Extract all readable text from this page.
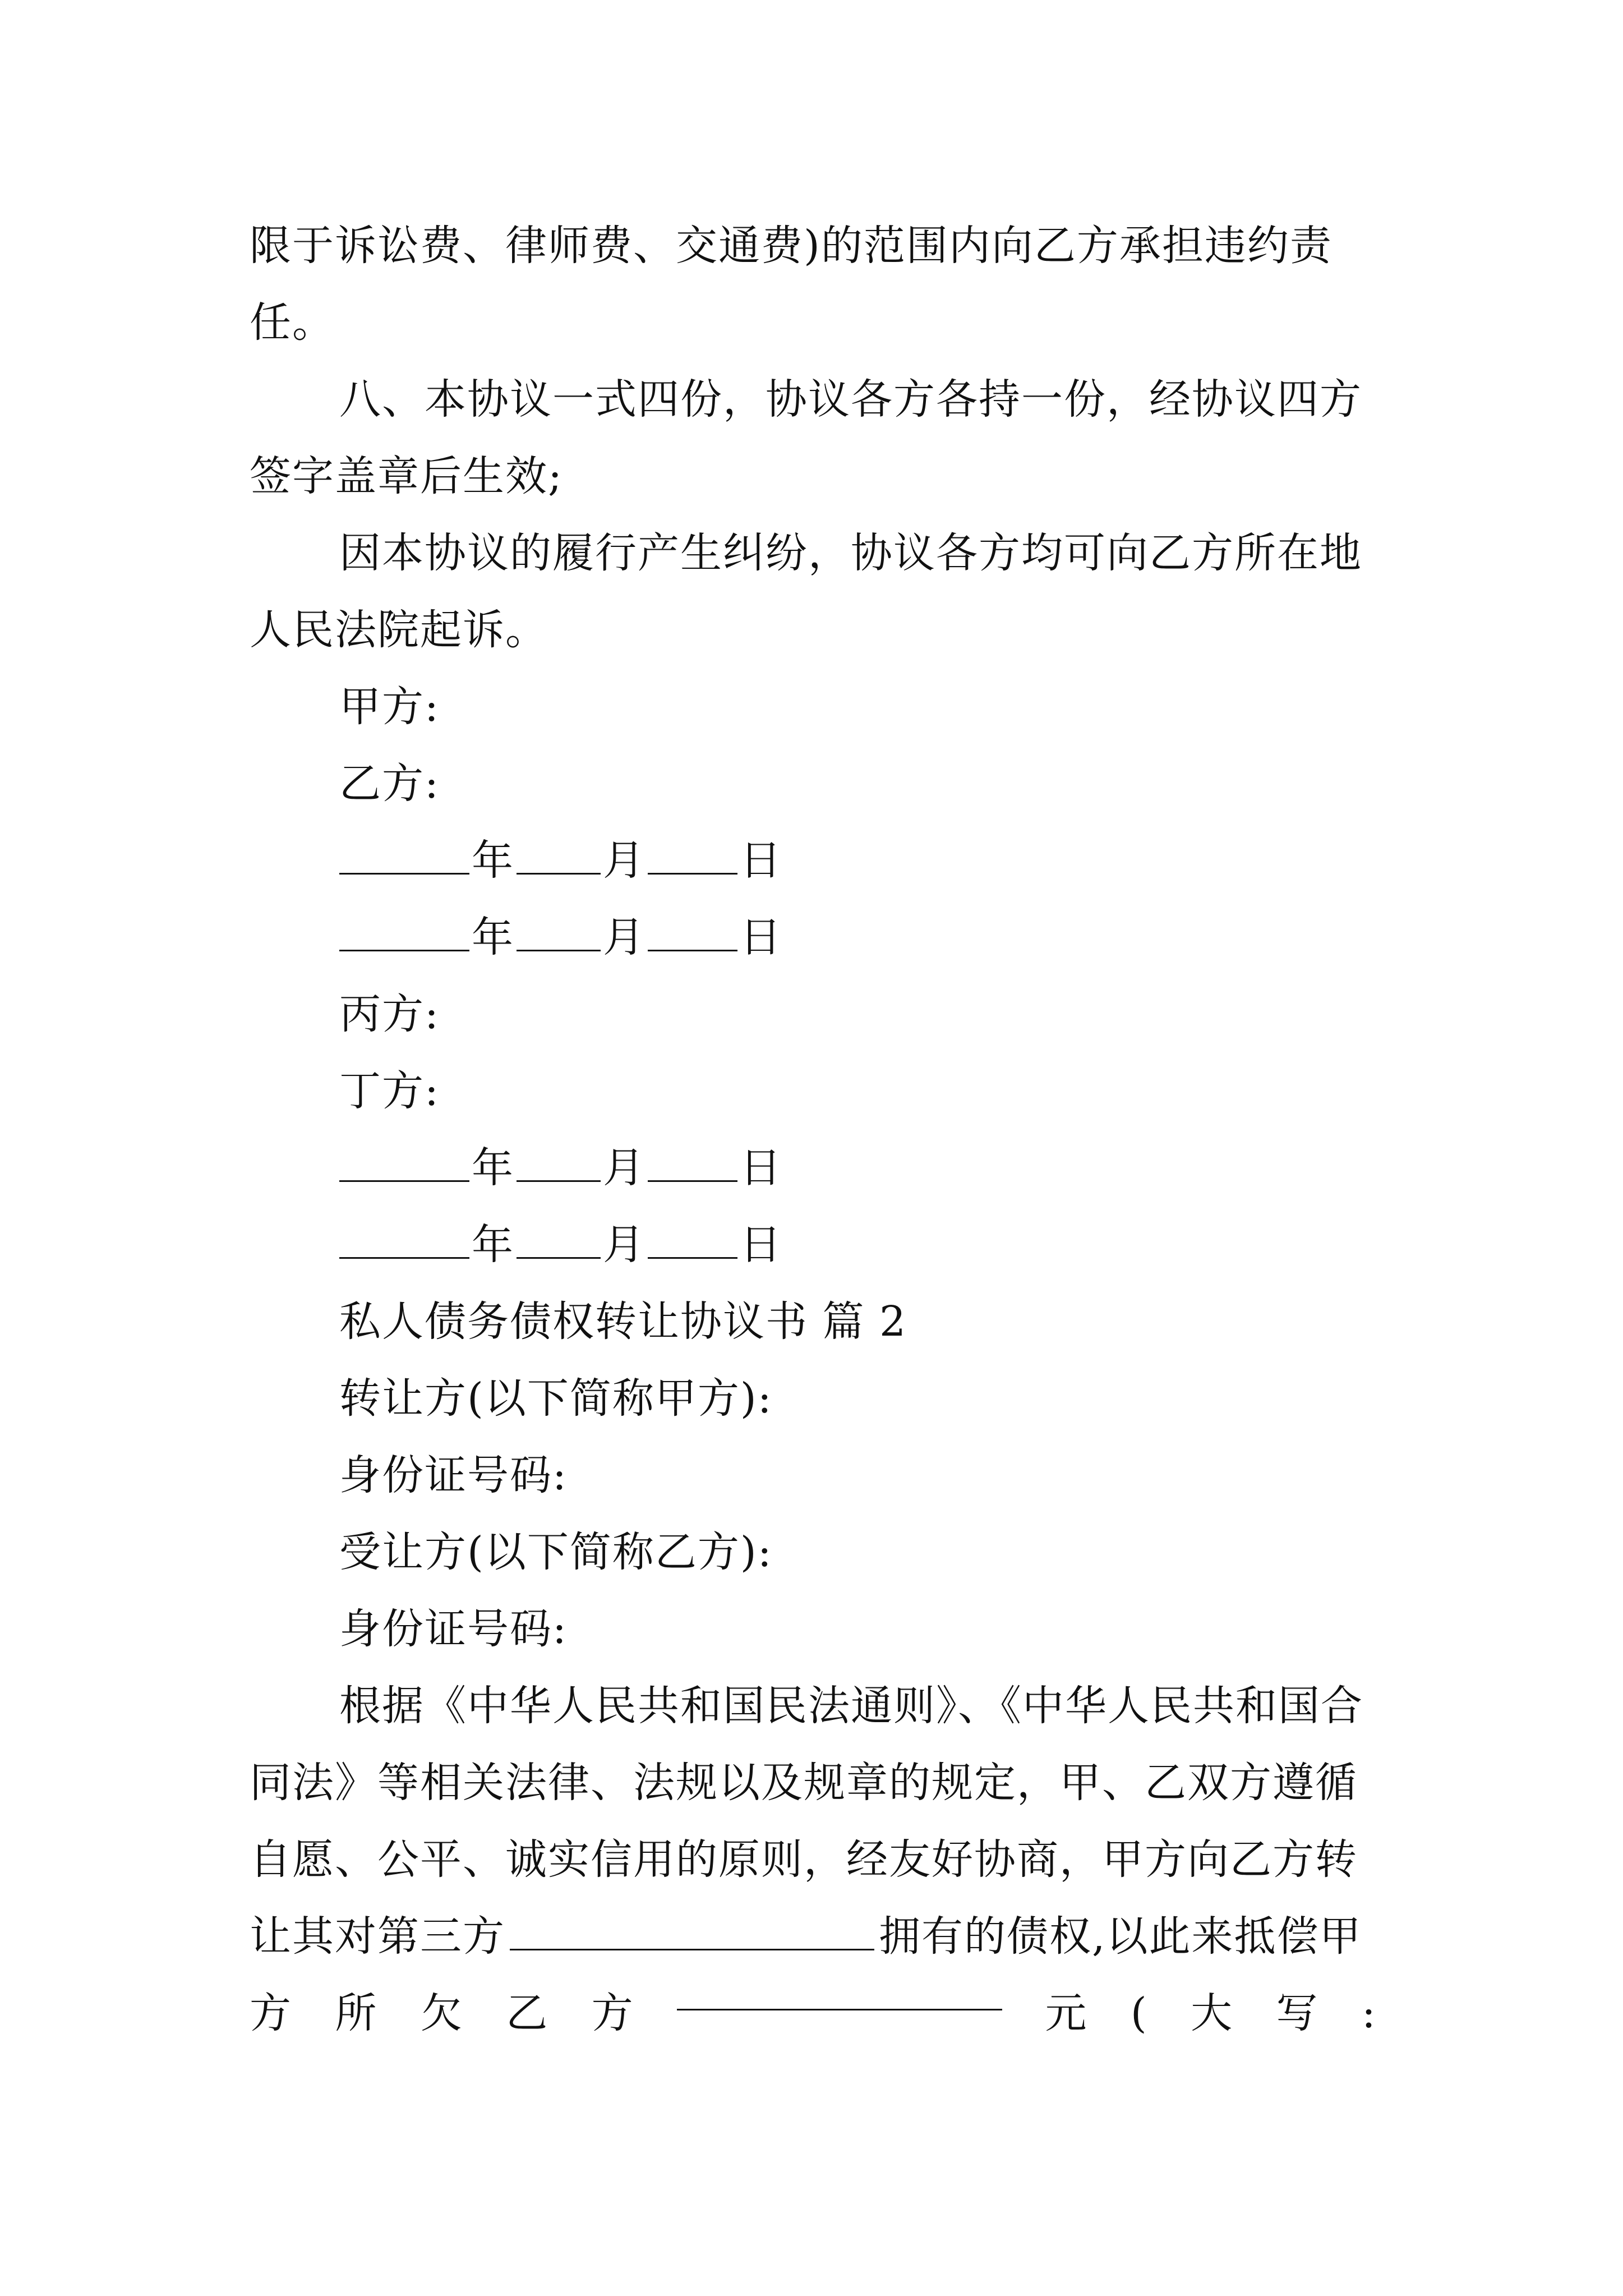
限于诉讼费、律师费、交通费)的范围内向乙方承担违约责
任。
八、本协议一式四份，协议各方各持一份，经协议四方
签字盖章后生效;
因本协议的履行产生纠纷，协议各方均可向乙方所在地
人民法院起诉。
甲方:
乙方:
年 月 日
年 月 日
丙方:
丁方:
年 月 日
年 月 日
私人债务债权转让协议书 篇 2
转让方(以下简称甲方):
身份证号码:
受让方(以下简称乙方):
身份证号码:
根据《中华人民共和国民法通则》、《中华人民共和国合
同法》等相关法律、法规以及规章的规定，甲、乙双方遵循
自愿、公平、诚实信用的原则，经友好协商，甲方向乙方转
让其对第三方	拥有的债权,以此来抵偿甲
方 所 欠 乙 方	元 ( 大 写 :
